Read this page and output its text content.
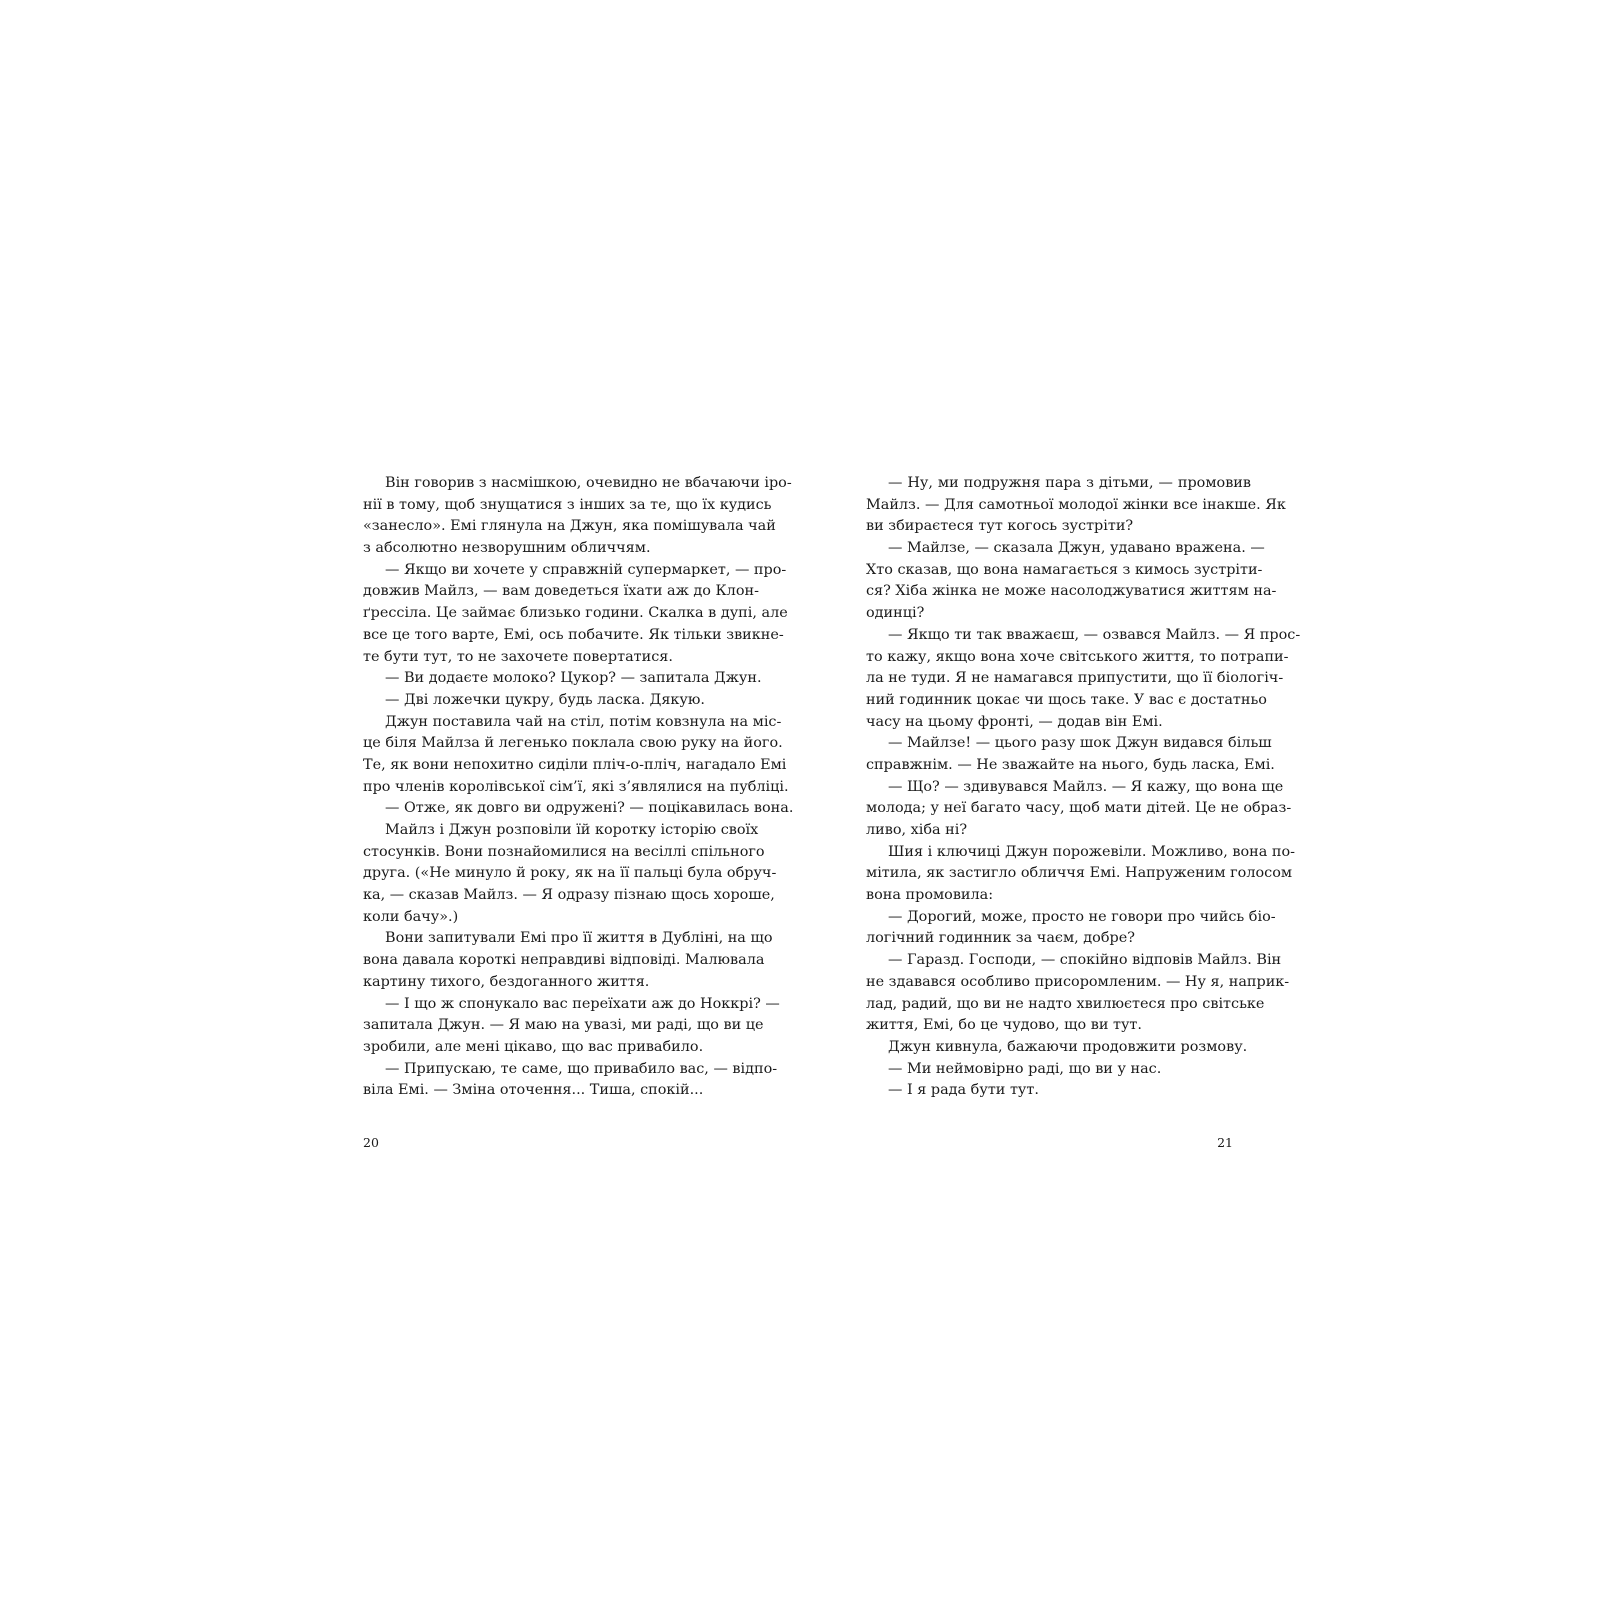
Він говорив з насмішкою, очевидно не вбачаючи іро-
нії в тому, щоб знущатися з інших за те, що їх кудись
«занесло». Емі глянула на Джун, яка помішувала чай
з абсолютно незворушним обличчям.
— Якщо ви хочете у справжній супермаркет, — про-
довжив Майлз, — вам доведеться їхати аж до Клон-
ґрессіла. Це займає близько години. Скалка в дупі, але
все це того варте, Емі, ось побачите. Як тільки звикне-
те бути тут, то не захочете повертатися.
— Ви додаєте молоко? Цукор? — запитала Джун.
— Дві ложечки цукру, будь ласка. Дякую.
Джун поставила чай на стіл, потім ковзнула на міс-
це біля Майлза й легенько поклала свою руку на його.
Те, як вони непохитно сиділи пліч-о-пліч, нагадало Емі
про членів королівської сім’ї, які з’являлися на публіці.
— Отже, як довго ви одружені? — поцікавилась вона.
Майлз і Джун розповіли їй коротку історію своїх
стосунків. Вони познайомилися на весіллі спільного
друга. («Не минуло й року, як на її пальці була обруч-
ка, — сказав Майлз. — Я одразу пізнаю щось хороше,
коли бачу».)
Вони запитували Емі про її життя в Дубліні, на що
вона давала короткі неправдиві відповіді. Малювала
картину тихого, бездоганного життя.
— І що ж спонукало вас переїхати аж до Ноккрі? —
запитала Джун. — Я маю на увазі, ми раді, що ви це
зробили, але мені цікаво, що вас привабило.
— Припускаю, те саме, що привабило вас, — відпо-
віла Емі. — Зміна оточення... Тиша, спокій...
— Ну, ми подружня пара з дітьми, — промовив
Майлз. — Для самотньої молодої жінки все інакше. Як
ви збираєтеся тут когось зустріти?
— Майлзе, — сказала Джун, удавано вражена. —
Хто сказав, що вона намагається з кимось зустріти-
ся? Хіба жінка не може насолоджуватися життям на-
одинці?
— Якщо ти так вважаєш, — озвався Майлз. — Я прос-
то кажу, якщо вона хоче світського життя, то потрапи-
ла не туди. Я не намагався припустити, що її біологіч-
ний годинник цокає чи щось таке. У вас є достатньо
часу на цьому фронті, — додав він Емі.
— Майлзе! — цього разу шок Джун видався більш
справжнім. — Не зважайте на нього, будь ласка, Емі.
— Що? — здивувався Майлз. — Я кажу, що вона ще
молода; у неї багато часу, щоб мати дітей. Це не образ-
ливо, хіба ні?
Шия і ключиці Джун порожевіли. Можливо, вона по-
мітила, як застигло обличчя Емі. Напруженим голосом
вона промовила:
— Дорогий, може, просто не говори про чийсь біо-
логічний годинник за чаєм, добре?
— Гаразд. Господи, — спокійно відповів Майлз. Він
не здавався особливо присоромленим. — Ну я, наприк-
лад, радий, що ви не надто хвилюєтеся про світське
життя, Емі, бо це чудово, що ви тут.
Джун кивнула, бажаючи продовжити розмову.
— Ми неймовірно раді, що ви у нас.
— І я рада бути тут.
20	21
